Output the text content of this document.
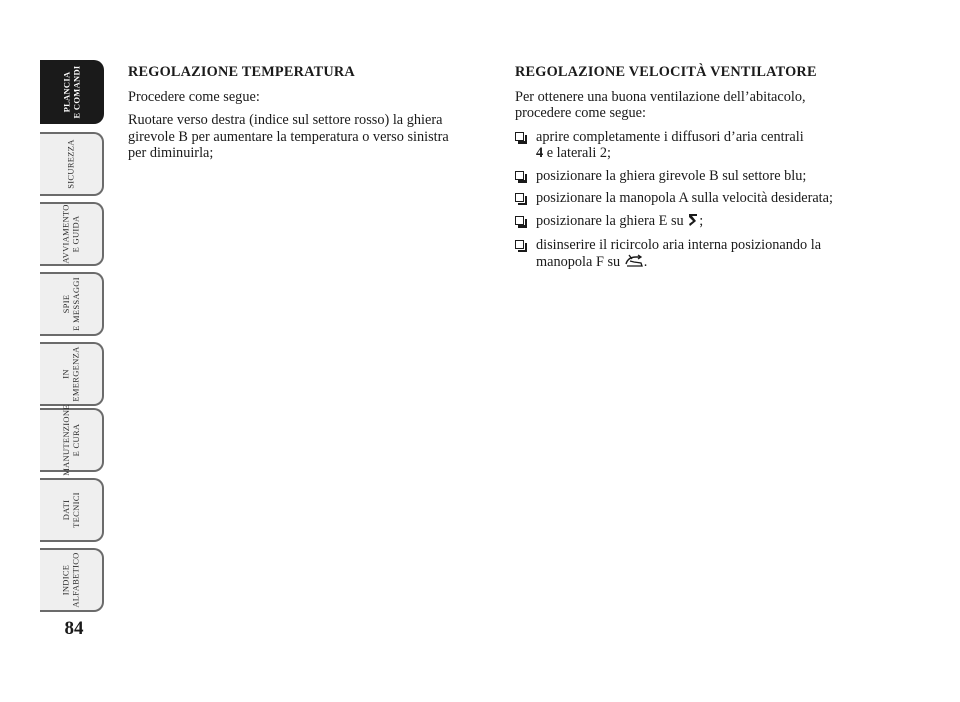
PLANCIA
E COMANDI
SICUREZZA
AVVIAMENTO
E GUIDA
SPIE
E MESSAGGI
IN
EMERGENZA
MANUTENZIONE
E CURA
DATI
TECNICI
INDICE
ALFABETICO
84
REGOLAZIONE TEMPERATURA

Procedere come segue:

Ruotare verso destra (indice sul settore rosso) la ghiera girevole B per aumentare la temperatura o verso sinistra per diminuirla;

REGOLAZIONE VELOCITÀ VENTILATORE

Per ottenere una buona ventilazione dell’abitacolo, procedere come segue:

aprire completamente i diffusori d’aria centrali
4 e laterali 2;
posizionare la ghiera girevole B sul settore blu;
posizionare la manopola A sulla velocità desiderata;
posizionare la ghiera E su ;
disinserire il ricircolo aria interna posizionando la manopola F su .
